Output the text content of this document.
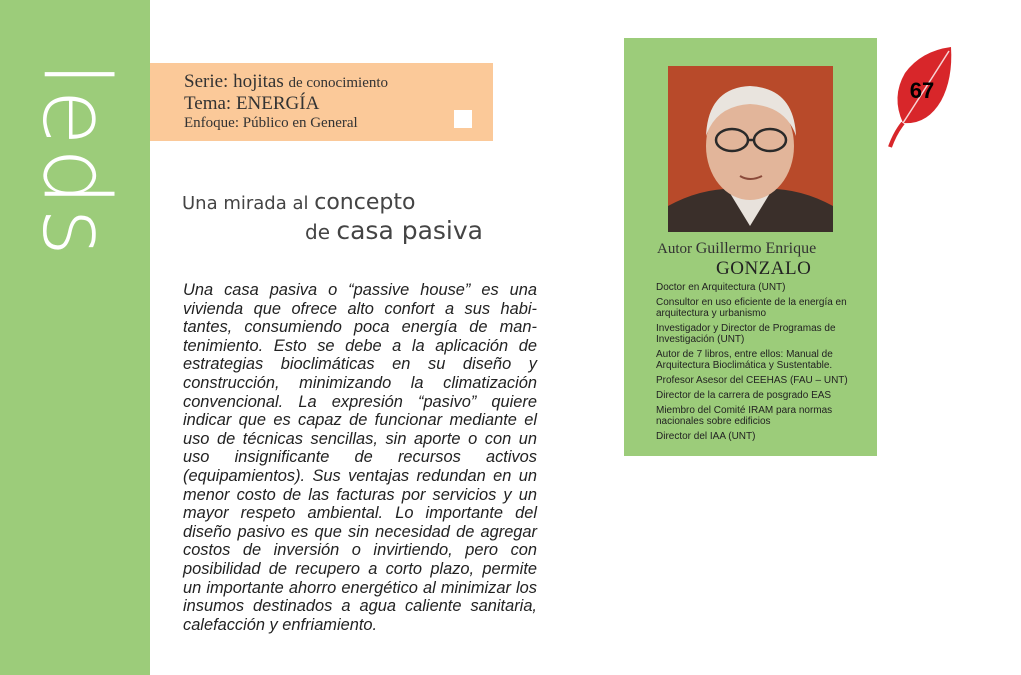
leds	Serie: hojitas de conocimiento
Tema: ENERGÍA
Enfoque: Público en General
Una mirada al concepto
de casa pasiva
Una casa pasiva o “passive house” es una vivienda que ofrece alto confort a sus habitantes, consumiendo poca energía de mantenimiento. Esto se debe a la aplicación de estrategias bioclimáticas en su diseño y construcción, minimizando la climatización convencional. La expresión “pasivo” quiere indicar que es capaz de funcionar mediante el uso de técnicas sencillas, sin aporte o con un uso insignificante de recursos activos (equipamientos). Sus ventajas redundan en un menor costo de las facturas por servicios y un mayor respeto ambiental. Lo importante del diseño pasivo es que sin necesidad de agregar costos de inversión o invirtiendo, pero con posibilidad de recupero a corto plazo, permite un importante ahorro energético al minimizar los insumos destinados a agua caliente sanitaria, calefacción y enfriamiento.
Autor Guillermo Enrique
GONZALO
Doctor en Arquitectura (UNT)
Consultor en uso eficiente de la energía en arquitectura y urbanismo
Investigador y Director de Programas de Investigación (UNT)
Autor de 7 libros, entre ellos: Manual de Arquitectura Bioclimática y Sustentable.
Profesor Asesor del CEEHAS (FAU – UNT)
Director de la carrera de posgrado EAS
Miembro del Comité IRAM para normas nacionales sobre edificios
Director del IAA (UNT)
67
